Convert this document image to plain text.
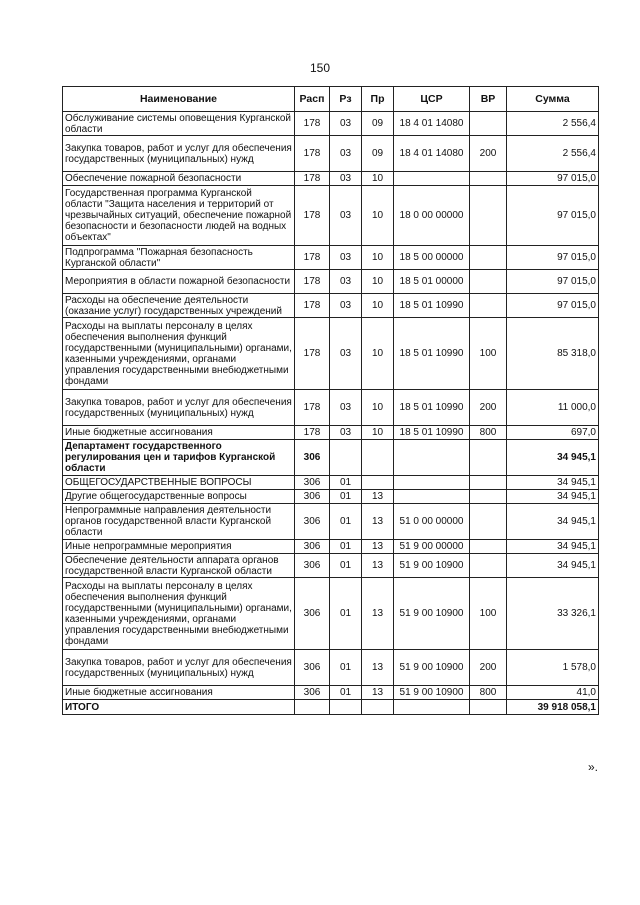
150
Наименование	Расп	Рз	Пр	ЦСР	ВР	Сумма
Обслуживание системы оповещения Курганской области	178	03	09	18 4 01 14080		2 556,4
Закупка товаров, работ и услуг для обеспечения государственных (муниципальных) нужд	178	03	09	18 4 01 14080	200	2 556,4
Обеспечение пожарной безопасности	178	03	10			97 015,0
Государственная программа Курганской области "Защита населения и территорий от чрезвычайных ситуаций, обеспечение пожарной безопасности и безопасности людей на водных объектах"	178	03	10	18 0 00 00000		97 015,0
Подпрограмма "Пожарная безопасность Курганской области"	178	03	10	18 5 00 00000		97 015,0
Мероприятия в области пожарной безопасности	178	03	10	18 5 01 00000		97 015,0
Расходы на обеспечение деятельности (оказание услуг) государственных учреждений	178	03	10	18 5 01 10990		97 015,0
Расходы на выплаты персоналу в целях обеспечения выполнения функций государственными (муниципальными) органами, казенными учреждениями, органами управления государственными внебюджетными фондами	178	03	10	18 5 01 10990	100	85 318,0
Закупка товаров, работ и услуг для обеспечения государственных (муниципальных) нужд	178	03	10	18 5 01 10990	200	11 000,0
Иные бюджетные ассигнования	178	03	10	18 5 01 10990	800	697,0
Департамент государственного регулирования цен и тарифов Курганской области	306					34 945,1
ОБЩЕГОСУДАРСТВЕННЫЕ ВОПРОСЫ	306	01				34 945,1
Другие общегосударственные вопросы	306	01	13			34 945,1
Непрограммные направления деятельности органов государственной власти Курганской области	306	01	13	51 0 00 00000		34 945,1
Иные непрограммные мероприятия	306	01	13	51 9 00 00000		34 945,1
Обеспечение деятельности аппарата органов государственной власти Курганской области	306	01	13	51 9 00 10900		34 945,1
Расходы на выплаты персоналу в целях обеспечения выполнения функций государственными (муниципальными) органами, казенными учреждениями, органами управления государственными внебюджетными фондами	306	01	13	51 9 00 10900	100	33 326,1
Закупка товаров, работ и услуг для обеспечения государственных (муниципальных) нужд	306	01	13	51 9 00 10900	200	1 578,0
Иные бюджетные ассигнования	306	01	13	51 9 00 10900	800	41,0
ИТОГО						39 918 058,1
».
